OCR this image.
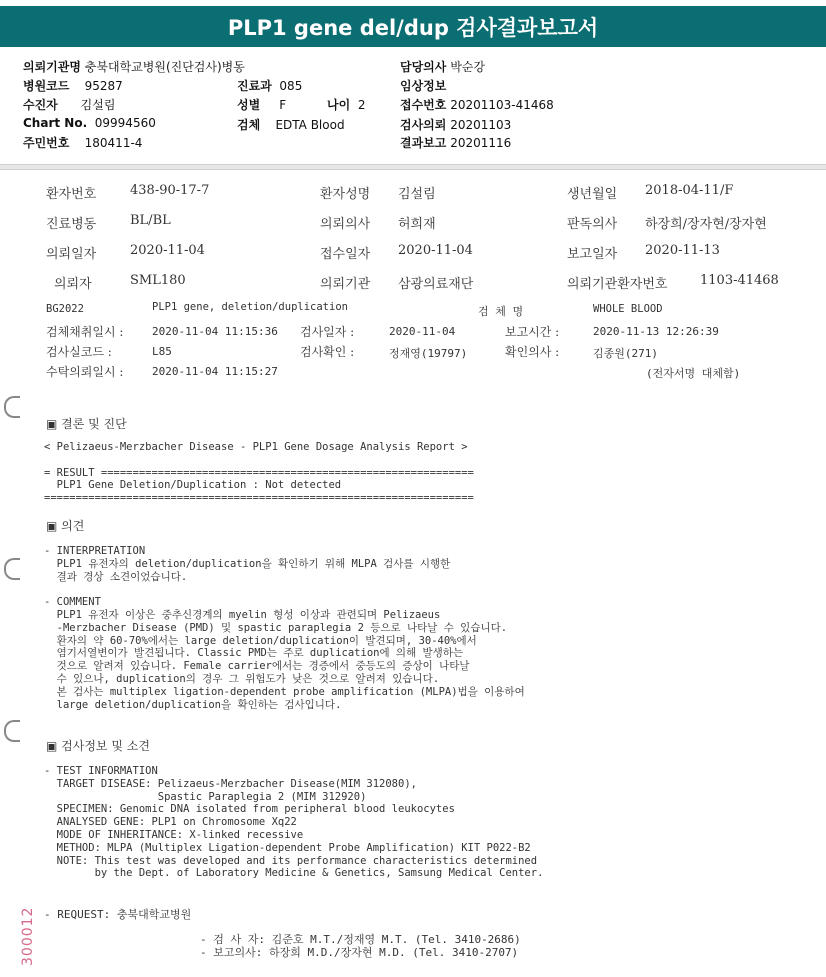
PLP1 gene del/dup 검사결과보고서
의뢰기관명 충북대학교병원(진단검사)병동	담당의사 박순강
병원코드 95287	진료과 085	임상정보
수진자 김설림	성별 F	나이 2	접수번호 20201103-41468
Chart No. 09994560	검체 EDTA Blood	검사의뢰 20201103
주민번호 180411-4	결과보고 20201116
환자번호	438-90-17-7	환자성명 김설림	생년월일 2018-04-11/F
진료병동	BL/BL	의뢰의사 허희재	판독의사 하장희/장자현/장자현
의뢰일자	2020-11-04	접수일자 2020-11-04	보고일자 2020-11-13
의뢰자	SML180	의뢰기관 삼광의료재단	의뢰기관환자번호	1103-41468
BG2022	PLP1 gene, deletion/duplication	검 체 명	WHOLE BLOOD
검체채취일시 :	2020-11-04 11:15:36 검사일자 :	2020-11-04	보고시간 :	2020-11-13 12:26:39
검사실코드 :	L85	검사확인 :	정재영(19797)	확인의사 :	김종원(271)
수탁의뢰일시 :	2020-11-04 11:15:27	(전자서명 대체함)
▣ 결론 및 진단
< Pelizaeus-Merzbacher Disease - PLP1 Gene Dosage Analysis Report >

= RESULT ===========================================================
PLP1 Gene Deletion/Duplication : Not detected
====================================================================
▣ 의견
- INTERPRETATION
PLP1 유전자의 deletion/duplication을 확인하기 위해 MLPA 검사를 시행한
결과 경상 소견이었습니다.

- COMMENT
PLP1 유전자 이상은 중추신경계의 myelin 형성 이상과 관련되며 Pelizaeus
-Merzbacher Disease (PMD) 및 spastic paraplegia 2 등으로 나타날 수 있습니다.
환자의 약 60-70%에서는 large deletion/duplication이 발견되며, 30-40%에서
염기서열변이가 발견됩니다. Classic PMD는 주로 duplication에 의해 발생하는
것으로 알려져 있습니다. Female carrier에서는 경증에서 중등도의 증상이 나타날
수 있으나, duplication의 경우 그 위험도가 낮은 것으로 알려져 있습니다.
본 검사는 multiplex ligation-dependent probe amplification (MLPA)법을 이용하여
large deletion/duplication을 확인하는 검사입니다.
▣ 검사정보 및 소견
- TEST INFORMATION
TARGET DISEASE: Pelizaeus-Merzbacher Disease(MIM 312080),
Spastic Paraplegia 2 (MIM 312920)
SPECIMEN: Genomic DNA isolated from peripheral blood leukocytes
ANALYSED GENE: PLP1 on Chromosome Xq22
MODE OF INHERITANCE: X-linked recessive
METHOD: MLPA (Multiplex Ligation-dependent Probe Amplification) KIT P022-B2
NOTE: This test was developed and its performance characteristics determined
by the Dept. of Laboratory Medicine & Genetics, Samsung Medical Center.
- REQUEST: 충북대학교병원
- 검 사 자: 김준호 M.T./정재영 M.T. (Tel. 3410-2686)
- 보고의사: 하장희 M.D./장자현 M.D. (Tel. 3410-2707)
300012
